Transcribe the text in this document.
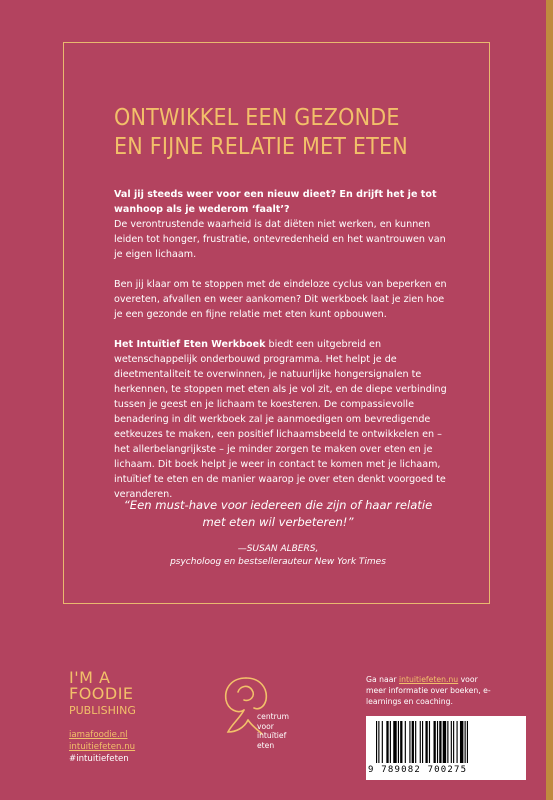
ONTWIKKEL EEN GEZONDE
EN FIJNE RELATIE MET ETEN

Val jij steeds weer voor een nieuw dieet? En drijft het je tot wanhoop als je wederom ‘faalt’?
De verontrustende waarheid is dat diëten niet werken, en kunnen leiden tot honger, frustratie, ontevredenheid en het wantrouwen van je eigen lichaam.

Ben jij klaar om te stoppen met de eindeloze cyclus van beperken en overeten, afvallen en weer aankomen? Dit werkboek laat je zien hoe je een gezonde en fijne relatie met eten kunt opbouwen.

Het Intuïtief Eten Werkboek biedt een uitgebreid en wetenschappelijk onderbouwd programma. Het helpt je de dieetmentaliteit te overwinnen, je natuurlijke hongersignalen te herkennen, te stoppen met eten als je vol zit, en de diepe verbinding tussen je geest en je lichaam te koesteren. De compassievolle benadering in dit werkboek zal je aanmoedigen om bevredigende eetkeuzes te maken, een positief lichaamsbeeld te ontwikkelen en – het allerbelangrijkste – je minder zorgen te maken over eten en je lichaam. Dit boek helpt je weer in contact te komen met je lichaam, intuïtief te eten en de manier waarop je over eten denkt voorgoed te veranderen.

“Een must-have voor iedereen die zijn of haar relatie met eten wil verbeteren!”
—SUSAN ALBERS,
psycholoog en bestsellerauteur New York Times
I'M A
FOODIE
PUBLISHING
iamafoodie.nl
intuitiefeten.nu
#intuitiefeten
centrum
voor
intuïtief
eten
Ga naar intuitiefeten.nu voor meer informatie over boeken, e-learnings en coaching.
9 789082 700275
